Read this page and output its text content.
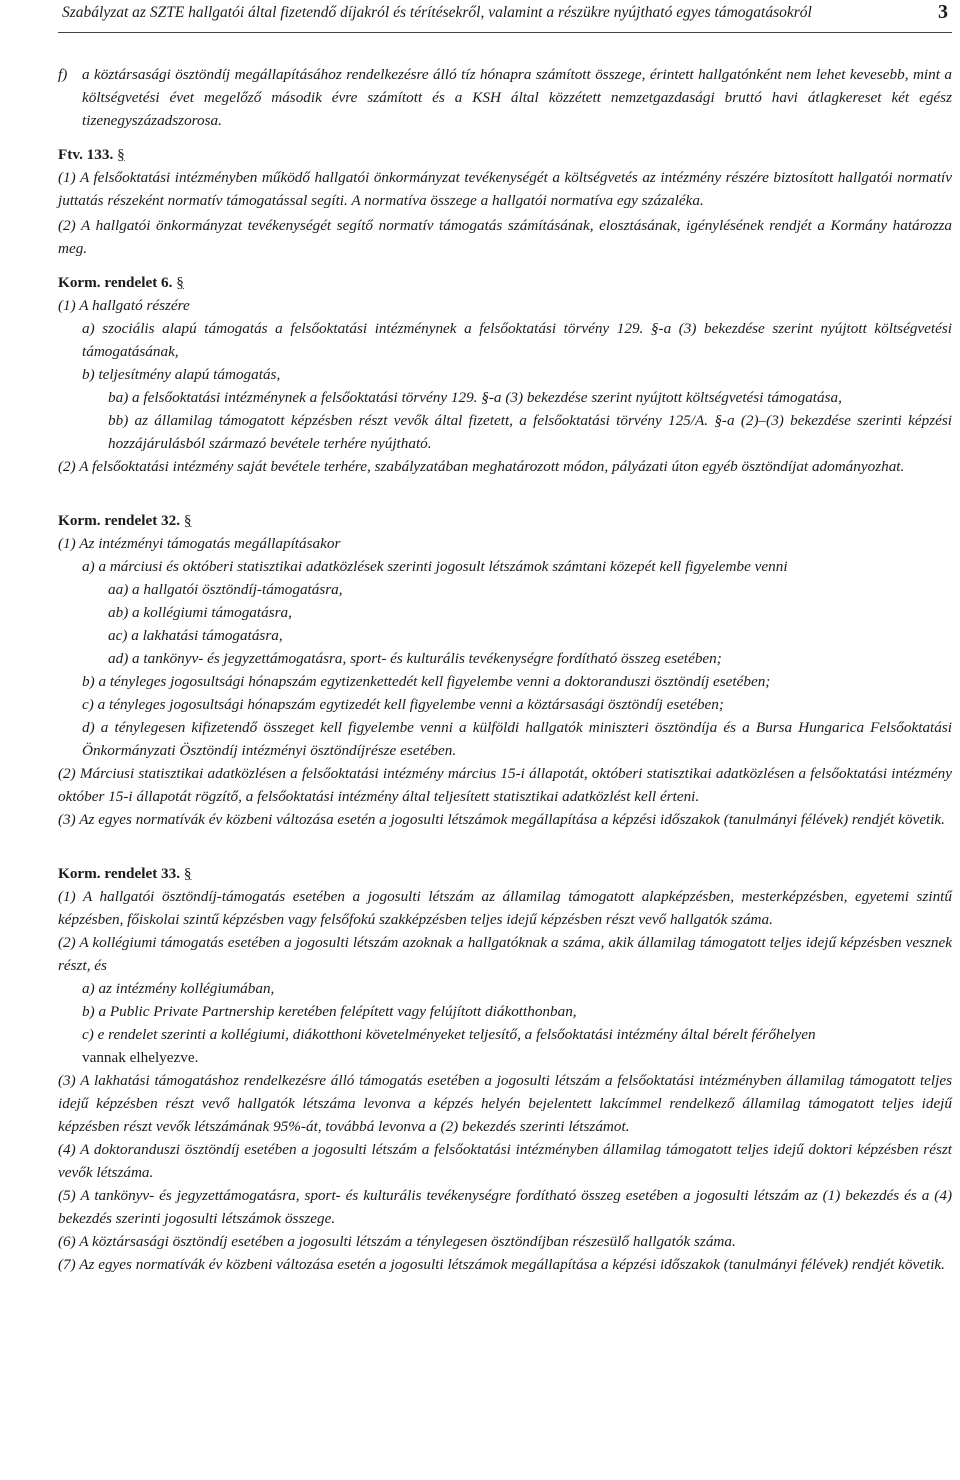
Szabályzat az SZTE hallgatói által fizetendő díjakról és térítésekről, valamint a részükre nyújtható egyes támogatásokról	3

f) a köztársasági ösztöndíj megállapításához rendelkezésre álló tíz hónapra számított összege, érintett hallgatónként nem lehet kevesebb, mint a költségvetési évet megelőző második évre számított és a KSH által közzétett nemzetgazdasági bruttó havi átlagkereset két egész tizenegyszázadszorosa.

Ftv. 133. §

(1) A felsőoktatási intézményben működő hallgatói önkormányzat tevékenységét a költségvetés az intézmény részére biztosított hallgatói normatív juttatás részeként normatív támogatással segíti. A normatíva összege a hallgatói normatíva egy százaléka.

(2) A hallgatói önkormányzat tevékenységét segítő normatív támogatás számításának, elosztásának, igénylésének rendjét a Kormány határozza meg.

Korm. rendelet 6. §

(1) A hallgató részére

a) szociális alapú támogatás a felsőoktatási intézménynek a felsőoktatási törvény 129. §-a (3) bekezdése szerint nyújtott költségvetési támogatásának,

b) teljesítmény alapú támogatás,

ba) a felsőoktatási intézménynek a felsőoktatási törvény 129. §-a (3) bekezdése szerint nyújtott költségvetési támogatása,

bb) az államilag támogatott képzésben részt vevők által fizetett, a felsőoktatási törvény 125/A. §-a (2)–(3) bekezdése szerinti képzési hozzájárulásból származó bevétele terhére nyújtható.

(2) A felsőoktatási intézmény saját bevétele terhére, szabályzatában meghatározott módon, pályázati úton egyéb ösztöndíjat adományozhat.

Korm. rendelet 32. §

(1) Az intézményi támogatás megállapításakor

a) a márciusi és októberi statisztikai adatközlések szerinti jogosult létszámok számtani közepét kell figyelembe venni

aa) a hallgatói ösztöndíj-támogatásra,

ab) a kollégiumi támogatásra,

ac) a lakhatási támogatásra,

ad) a tankönyv- és jegyzettámogatásra, sport- és kulturális tevékenységre fordítható összeg esetében;

b) a tényleges jogosultsági hónapszám egytizenkettedét kell figyelembe venni a doktoranduszi ösztöndíj esetében;

c) a tényleges jogosultsági hónapszám egytizedét kell figyelembe venni a köztársasági ösztöndíj esetében;

d) a ténylegesen kifizetendő összeget kell figyelembe venni a külföldi hallgatók miniszteri ösztöndíja és a Bursa Hungarica Felsőoktatási Önkormányzati Ösztöndíj intézményi ösztöndíjrésze esetében.

(2) Márciusi statisztikai adatközlésen a felsőoktatási intézmény március 15-i állapotát, októberi statisztikai adatközlésen a felsőoktatási intézmény október 15-i állapotát rögzítő, a felsőoktatási intézmény által teljesített statisztikai adatközlést kell érteni.

(3) Az egyes normatívák év közbeni változása esetén a jogosulti létszámok megállapítása a képzési időszakok (tanulmányi félévek) rendjét követik.

Korm. rendelet 33. §

(1) A hallgatói ösztöndíj-támogatás esetében a jogosulti létszám az államilag támogatott alapképzésben, mesterképzésben, egyetemi szintű képzésben, főiskolai szintű képzésben vagy felsőfokú szakképzésben teljes idejű képzésben részt vevő hallgatók száma.

(2) A kollégiumi támogatás esetében a jogosulti létszám azoknak a hallgatóknak a száma, akik államilag támogatott teljes idejű képzésben vesznek részt, és

a) az intézmény kollégiumában,

b) a Public Private Partnership keretében felépített vagy felújított diákotthonban,

c) e rendelet szerinti a kollégiumi, diákotthoni követelményeket teljesítő, a felsőoktatási intézmény által bérelt férőhelyen

vannak elhelyezve.

(3) A lakhatási támogatáshoz rendelkezésre álló támogatás esetében a jogosulti létszám a felsőoktatási intézményben államilag támogatott teljes idejű képzésben részt vevő hallgatók létszáma levonva a képzés helyén bejelentett lakcímmel rendelkező államilag támogatott teljes idejű képzésben részt vevők létszámának 95%-át, továbbá levonva a (2) bekezdés szerinti létszámot.

(4) A doktoranduszi ösztöndíj esetében a jogosulti létszám a felsőoktatási intézményben államilag támogatott teljes idejű doktori képzésben részt vevők létszáma.

(5) A tankönyv- és jegyzettámogatásra, sport- és kulturális tevékenységre fordítható összeg esetében a jogosulti létszám az (1) bekezdés és a (4) bekezdés szerinti jogosulti létszámok összege.

(6) A köztársasági ösztöndíj esetében a jogosulti létszám a ténylegesen ösztöndíjban részesülő hallgatók száma.

(7) Az egyes normatívák év közbeni változása esetén a jogosulti létszámok megállapítása a képzési időszakok (tanulmányi félévek) rendjét követik.
